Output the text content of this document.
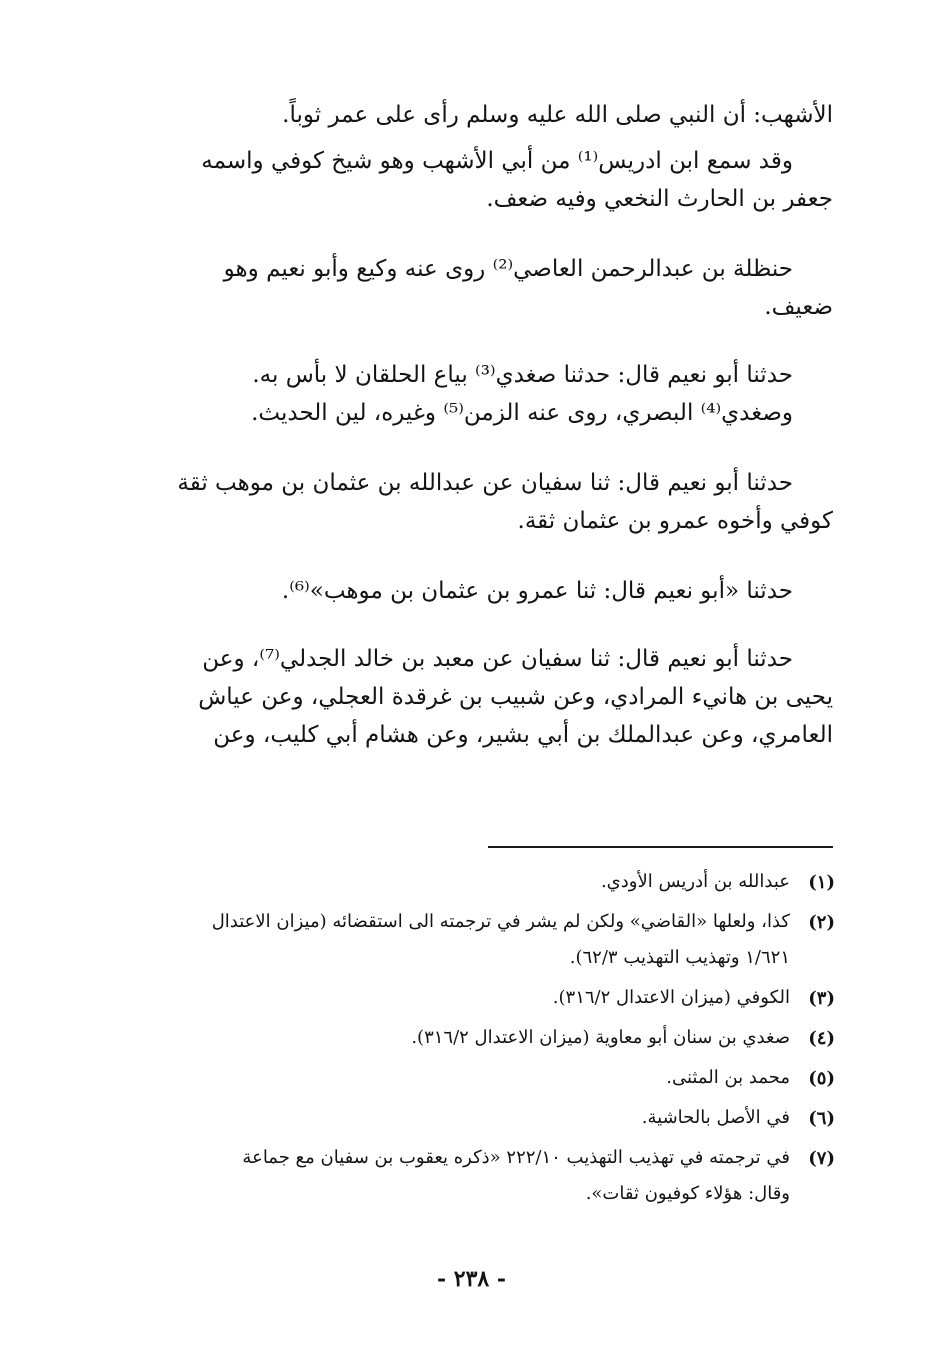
الأشهب: أن النبي صلى الله عليه وسلم رأى على عمر ثوباً.
وقد سمع ابن ادريس⁽¹⁾ من أبي الأشهب وهو شيخ كوفي واسمه
جعفر بن الحارث النخعي وفيه ضعف.
حنظلة بن عبدالرحمن العاصي⁽²⁾ روى عنه وكيع وأبو نعيم وهو
ضعيف.
حدثنا أبو نعيم قال: حدثنا صغدي⁽³⁾ بياع الحلقان لا بأس به.
وصغدي⁽⁴⁾ البصري، روى عنه الزمن⁽⁵⁾ وغيره، لين الحديث.
حدثنا أبو نعيم قال: ثنا سفيان عن عبدالله بن عثمان بن موهب ثقة
كوفي وأخوه عمرو بن عثمان ثقة.
حدثنا «أبو نعيم قال: ثنا عمرو بن عثمان بن موهب»⁽⁶⁾.
حدثنا أبو نعيم قال: ثنا سفيان عن معبد بن خالد الجدلي⁽⁷⁾، وعن
يحيى بن هانيء المرادي، وعن شبيب بن غرقدة العجلي، وعن عياش
العامري، وعن عبدالملك بن أبي بشير، وعن هشام أبي كليب، وعن
(١)
عبدالله بن أدريس الأودي.
(٢)
كذا، ولعلها «القاضي» ولكن لم يشر في ترجمته الى استقضائه (ميزان الاعتدال
١/٦٢١ وتهذيب التهذيب ٦٢/٣).
(٣)
الكوفي (ميزان الاعتدال ٣١٦/٢).
(٤)
صغدي بن سنان أبو معاوية (ميزان الاعتدال ٣١٦/٢).
(٥)
محمد بن المثنى.
(٦)
في الأصل بالحاشية.
(٧)
في ترجمته في تهذيب التهذيب ٢٢٢/١٠ «ذكره يعقوب بن سفيان مع جماعة
وقال: هؤلاء كوفيون ثقات».
- ٢٣٨ -
